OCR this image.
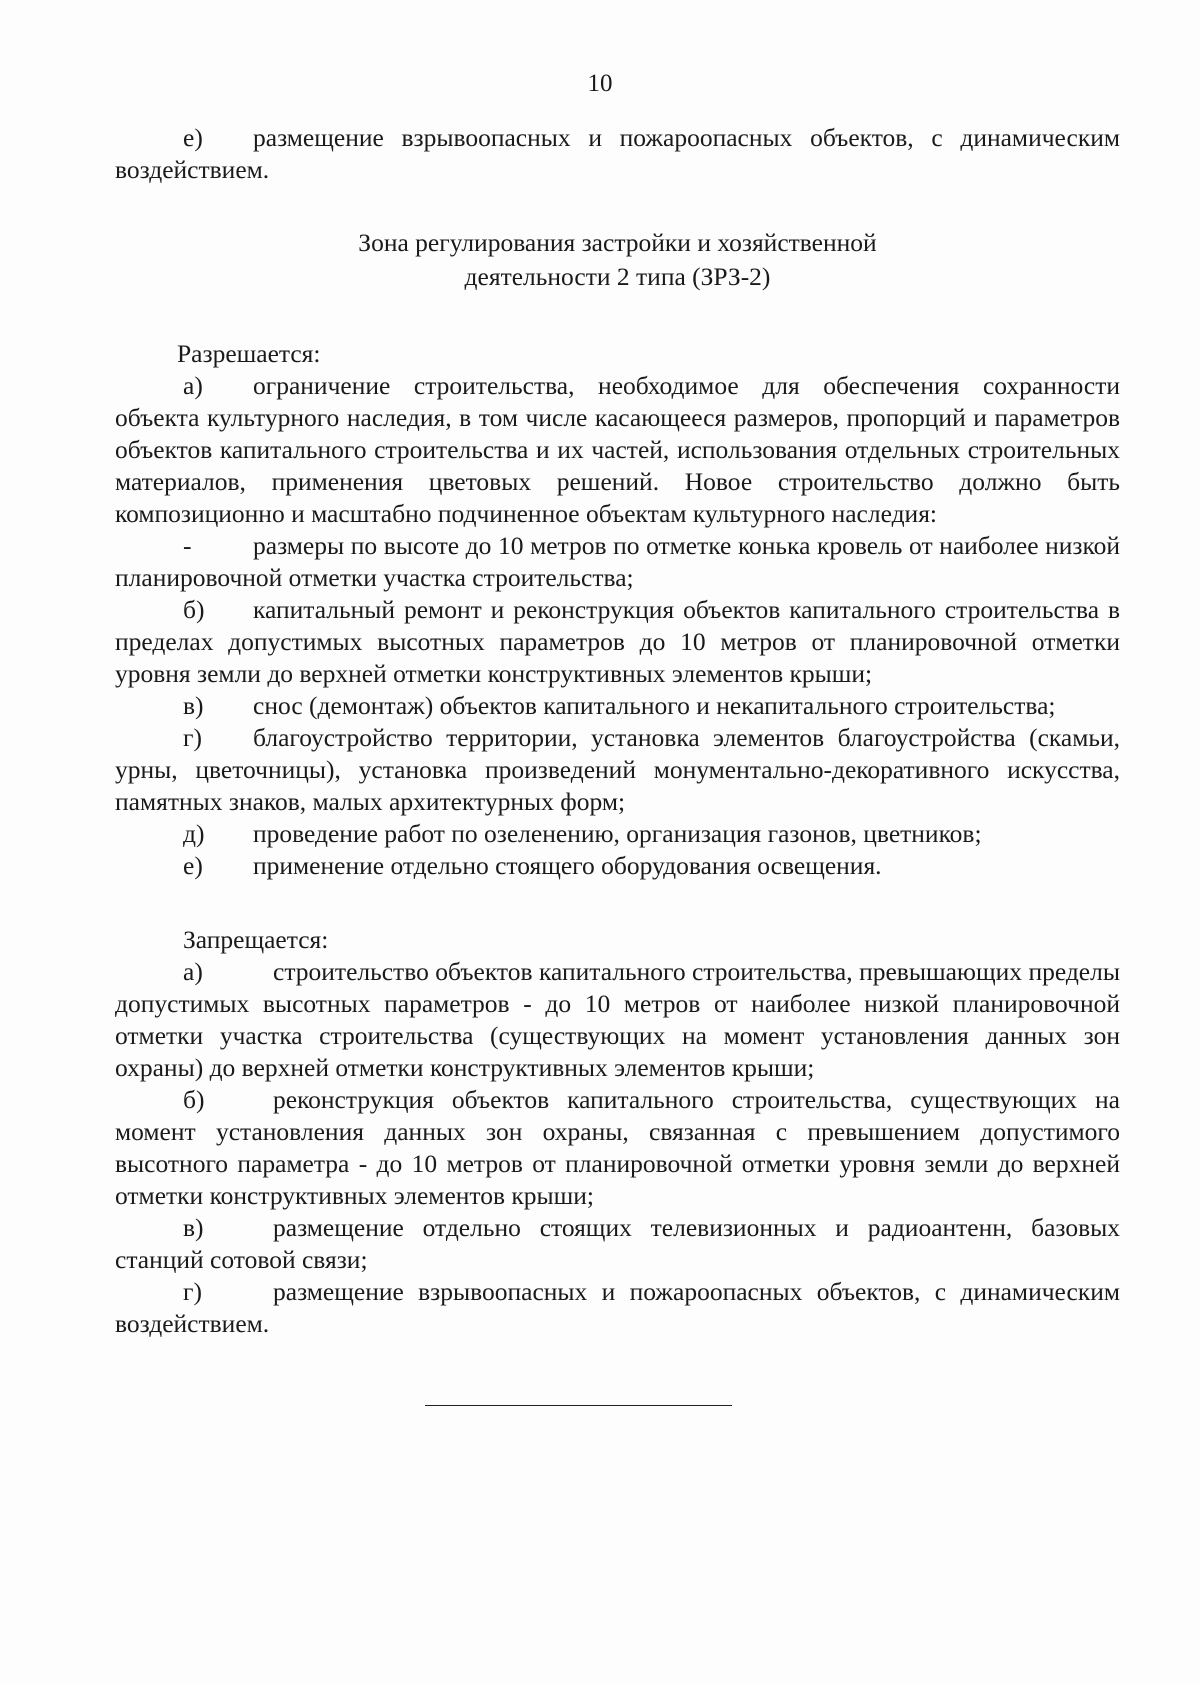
10

е) размещение взрывоопасных и пожароопасных объектов, с динамическим воздействием.

Зона регулирования застройки и хозяйственной
деятельности 2 типа (ЗРЗ-2)
Разрешается:

а) ограничение строительства, необходимое для обеспечения сохранности объекта культурного наследия, в том числе касающееся размеров, пропорций и параметров объектов капитального строительства и их частей, использования отдельных строительных материалов, применения цветовых решений. Новое строительство должно быть композиционно и масштабно подчиненное объектам культурного наследия:

- размеры по высоте до 10 метров по отметке конька кровель от наиболее низкой планировочной отметки участка строительства;

б) капитальный ремонт и реконструкция объектов капитального строительства в пределах допустимых высотных параметров до 10 метров от планировочной отметки уровня земли до верхней отметки конструктивных элементов крыши;

в) снос (демонтаж) объектов капитального и некапитального строительства;

г) благоустройство территории, установка элементов благоустройства (скамьи, урны, цветочницы), установка произведений монументально-декоративного искусства, памятных знаков, малых архитектурных форм;

д) проведение работ по озеленению, организация газонов, цветников;

е) применение отдельно стоящего оборудования освещения.

Запрещается:

а)	строительство объектов капитального строительства, превышающих пределы допустимых высотных параметров - до 10 метров от наиболее низкой планировочной отметки участка строительства (существующих на момент установления данных зон охраны) до верхней отметки конструктивных элементов крыши;

б)	реконструкция объектов капитального строительства, существующих на момент установления данных зон охраны, связанная с превышением допустимого высотного параметра - до 10 метров от планировочной отметки уровня земли до верхней отметки конструктивных элементов крыши;

в)	размещение отдельно стоящих телевизионных и радиоантенн, базовых станций сотовой связи;

г)	размещение взрывоопасных и пожароопасных объектов, с динамическим воздействием.
